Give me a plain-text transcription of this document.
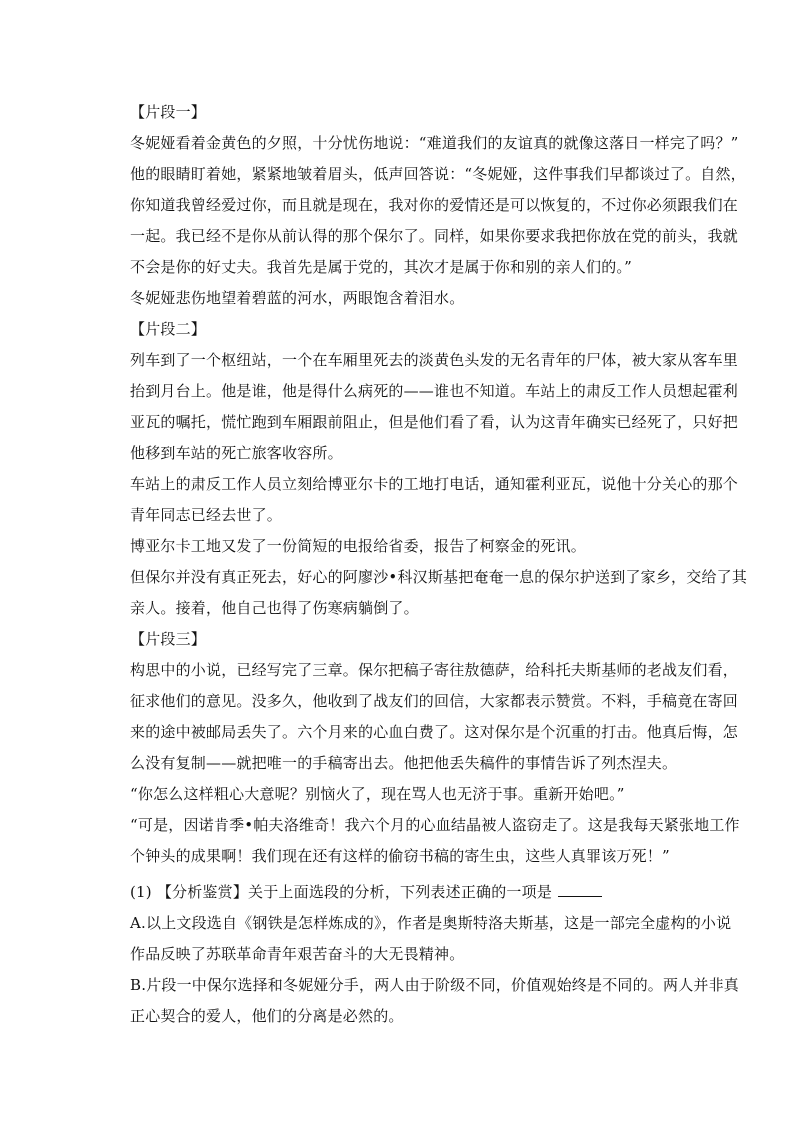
【片段一】
冬妮娅看着金黄色的夕照，十分忧伤地说：“难道我们的友谊真的就像这落日一样完了吗？”
他的眼睛盯着她，紧紧地皱着眉头，低声回答说：“冬妮娅，这件事我们早都谈过了。自然，
你知道我曾经爱过你，而且就是现在，我对你的爱情还是可以恢复的，不过你必须跟我们在
一起。我已经不是你从前认得的那个保尔了。同样，如果你要求我把你放在党的前头，我就
不会是你的好丈夫。我首先是属于党的，其次才是属于你和别的亲人们的。”
冬妮娅悲伤地望着碧蓝的河水，两眼饱含着泪水。
【片段二】
列车到了一个枢纽站，一个在车厢里死去的淡黄色头发的无名青年的尸体，被大家从客车里
抬到月台上。他是谁，他是得什么病死的——谁也不知道。车站上的肃反工作人员想起霍利
亚瓦的嘱托，慌忙跑到车厢跟前阻止，但是他们看了看，认为这青年确实已经死了，只好把
他移到车站的死亡旅客收容所。
车站上的肃反工作人员立刻给博亚尔卡的工地打电话，通知霍利亚瓦，说他十分关心的那个
青年同志已经去世了。
博亚尔卡工地又发了一份简短的电报给省委，报告了柯察金的死讯。
但保尔并没有真正死去，好心的阿廖沙•科汉斯基把奄奄一息的保尔护送到了家乡，交给了其
亲人。接着，他自己也得了伤寒病躺倒了。
【片段三】
构思中的小说，已经写完了三章。保尔把稿子寄往敖德萨，给科托夫斯基师的老战友们看，
征求他们的意见。没多久，他收到了战友们的回信，大家都表示赞赏。不料，手稿竟在寄回
来的途中被邮局丢失了。六个月来的心血白费了。这对保尔是个沉重的打击。他真后悔，怎
么没有复制——就把唯一的手稿寄出去。他把他丢失稿件的事情告诉了列杰涅夫。
“你怎么这样粗心大意呢？别恼火了，现在骂人也无济于事。重新开始吧。”
“可是，因诺肯季•帕夫洛维奇！我六个月的心血结晶被人盗窃走了。这是我每天紧张地工作
个钟头的成果啊！我们现在还有这样的偷窃书稿的寄生虫，这些人真罪该万死！”
(1) 【分析鉴赏】关于上面选段的分析，下列表述正确的一项是
A.以上文段选自《钢铁是怎样炼成的》，作者是奥斯特洛夫斯基，这是一部完全虚构的小说
作品反映了苏联革命青年艰苦奋斗的大无畏精神。
B.片段一中保尔选择和冬妮娅分手，两人由于阶级不同，价值观始终是不同的。两人并非真
正心契合的爱人，他们的分离是必然的。
